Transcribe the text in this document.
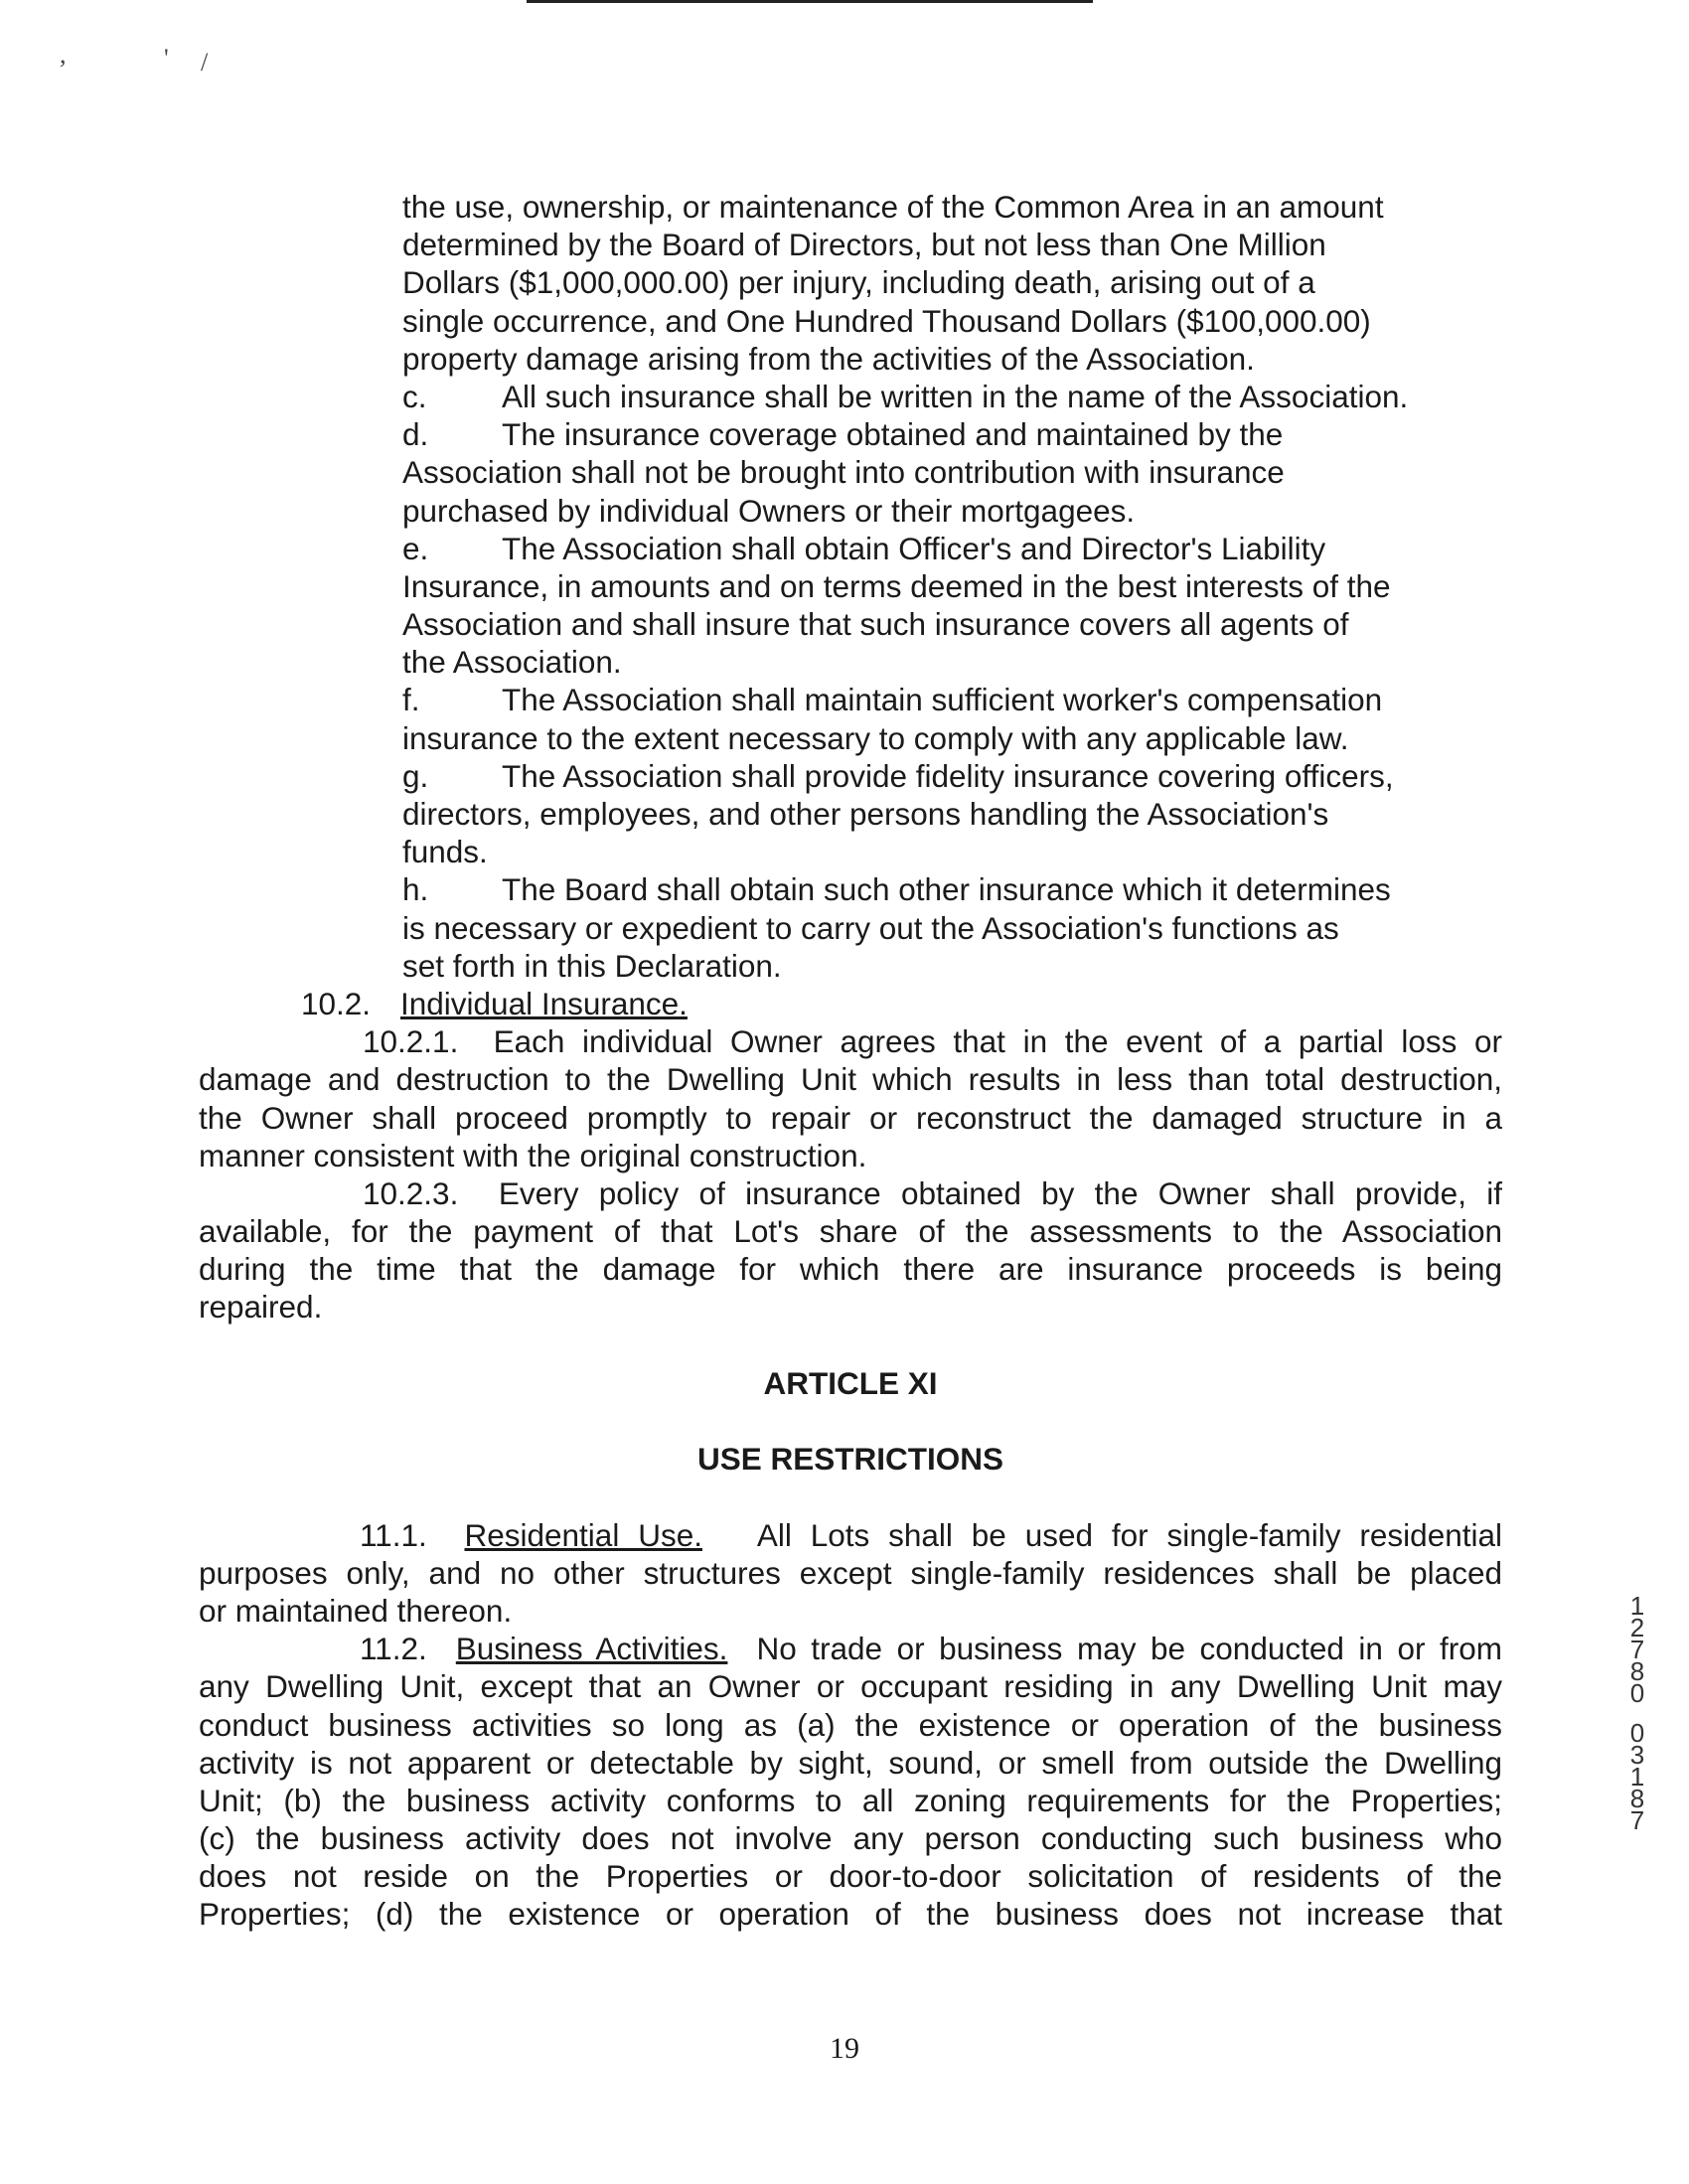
,	' /
the use, ownership, or maintenance of the Common Area in an amount
determined by the Board of Directors, but not less than One Million
Dollars ($1,000,000.00) per injury, including death, arising out of a
single occurrence, and One Hundred Thousand Dollars ($100,000.00)
property damage arising from the activities of the Association.
c. All such insurance shall be written in the name of the Association.
d. The insurance coverage obtained and maintained by the
Association shall not be brought into contribution with insurance
purchased by individual Owners or their mortgagees.
e. The Association shall obtain Officer's and Director's Liability
Insurance, in amounts and on terms deemed in the best interests of the
Association and shall insure that such insurance covers all agents of
the Association.
f.	The Association shall maintain sufficient worker's compensation
insurance to the extent necessary to comply with any applicable law.
g. The Association shall provide fidelity insurance covering officers,
directors, employees, and other persons handling the Association's
funds.
h. The Board shall obtain such other insurance which it determines
is necessary or expedient to carry out the Association's functions as
set forth in this Declaration.
10.2. Individual Insurance.
10.2.1. Each individual Owner agrees that in the event of a partial loss or
damage and destruction to the Dwelling Unit which results in less than total destruction,
the Owner shall proceed promptly to repair or reconstruct the damaged structure in a
manner consistent with the original construction.
10.2.3. Every policy of insurance obtained by the Owner shall provide, if
available, for the payment of that Lot's share of the assessments to the Association
during the time that the damage for which there are insurance proceeds is being
repaired.
ARTICLE XI
USE RESTRICTIONS
11.1. Residential Use. All Lots shall be used for single-family residential
purposes only, and no other structures except single-family residences shall be placed
or maintained thereon.
11.2. Business Activities. No trade or business may be conducted in or from
any Dwelling Unit, except that an Owner or occupant residing in any Dwelling Unit may
conduct business activities so long as (a) the existence or operation of the business
activity is not apparent or detectable by sight, sound, or smell from outside the Dwelling
Unit; (b) the business activity conforms to all zoning requirements for the Properties;
(c) the business activity does not involve any person conducting such business who
does not reside on the Properties or door-to-door solicitation of residents of the
Properties; (d) the existence or operation of the business does not increase that
19
1
2
7
8
0
0
3
1
8
7
